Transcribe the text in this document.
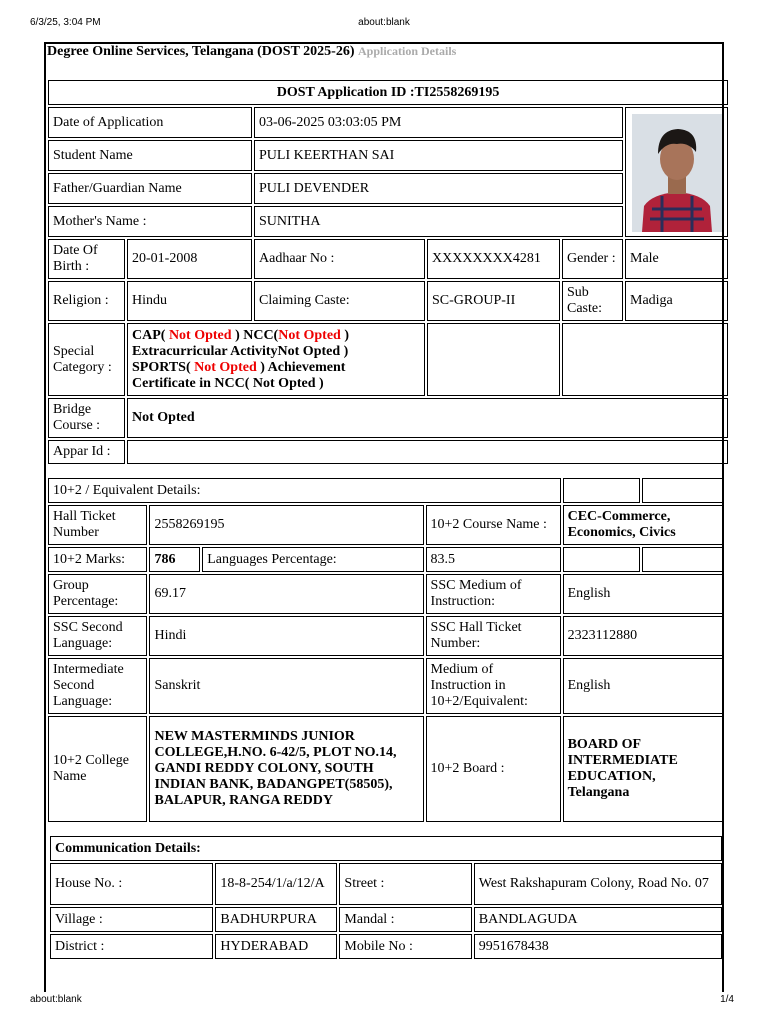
6/3/25, 3:04 PM	about:blank
about:blank	1/4
Degree Online Services, Telangana (DOST 2025-26) Application Details
DOST Application ID :TI2558269195					
Date of Application		03-06-2025 03:03:05 PM	

Student Name		PULI KEERTHAN SAI			
Father/Guardian Name		PULI DEVENDER			
Mother's Name :		SUNITHA			
Date Of Birth :	20-01-2008	Aadhaar No :	XXXXXXXX4281	Gender :	Male
Religion :	Hindu	Claiming Caste:	SC-GROUP-II	Sub Caste:	Madiga
Special Category :	CAP( Not Opted ) NCC(Not Opted )
Extracurricular ActivityNot Opted )
SPORTS( Not Opted ) Achievement
Certificate in NCC( Not Opted )				
Bridge Course :	Not Opted				
Appar Id :					
10+2 / Equivalent Details:					
Hall Ticket Number	2558269195		10+2 Course Name :	CEC-Commerce, Economics, Civics	
10+2 Marks:	786	Languages Percentage:	83.5		
Group Percentage:	69.17		SSC Medium of Instruction:	English	
SSC Second Language:	Hindi		SSC Hall Ticket Number:	2323112880	
Intermediate Second Language:	Sanskrit		Medium of Instruction in 10+2/Equivalent:	English	
10+2 College Name	NEW MASTERMINDS JUNIOR COLLEGE,H.NO. 6-42/5, PLOT NO.14, GANDI REDDY COLONY, SOUTH INDIAN BANK, BADANGPET(58505), BALAPUR, RANGA REDDY		10+2 Board :	BOARD OF INTERMEDIATE EDUCATION, Telangana	
Communication Details:			
House No. :	18-8-254/1/a/12/A	Street :	West Rakshapuram Colony, Road No. 07
Village :	BADHURPURA	Mandal :	BANDLAGUDA
District :	HYDERABAD	Mobile No :	9951678438
